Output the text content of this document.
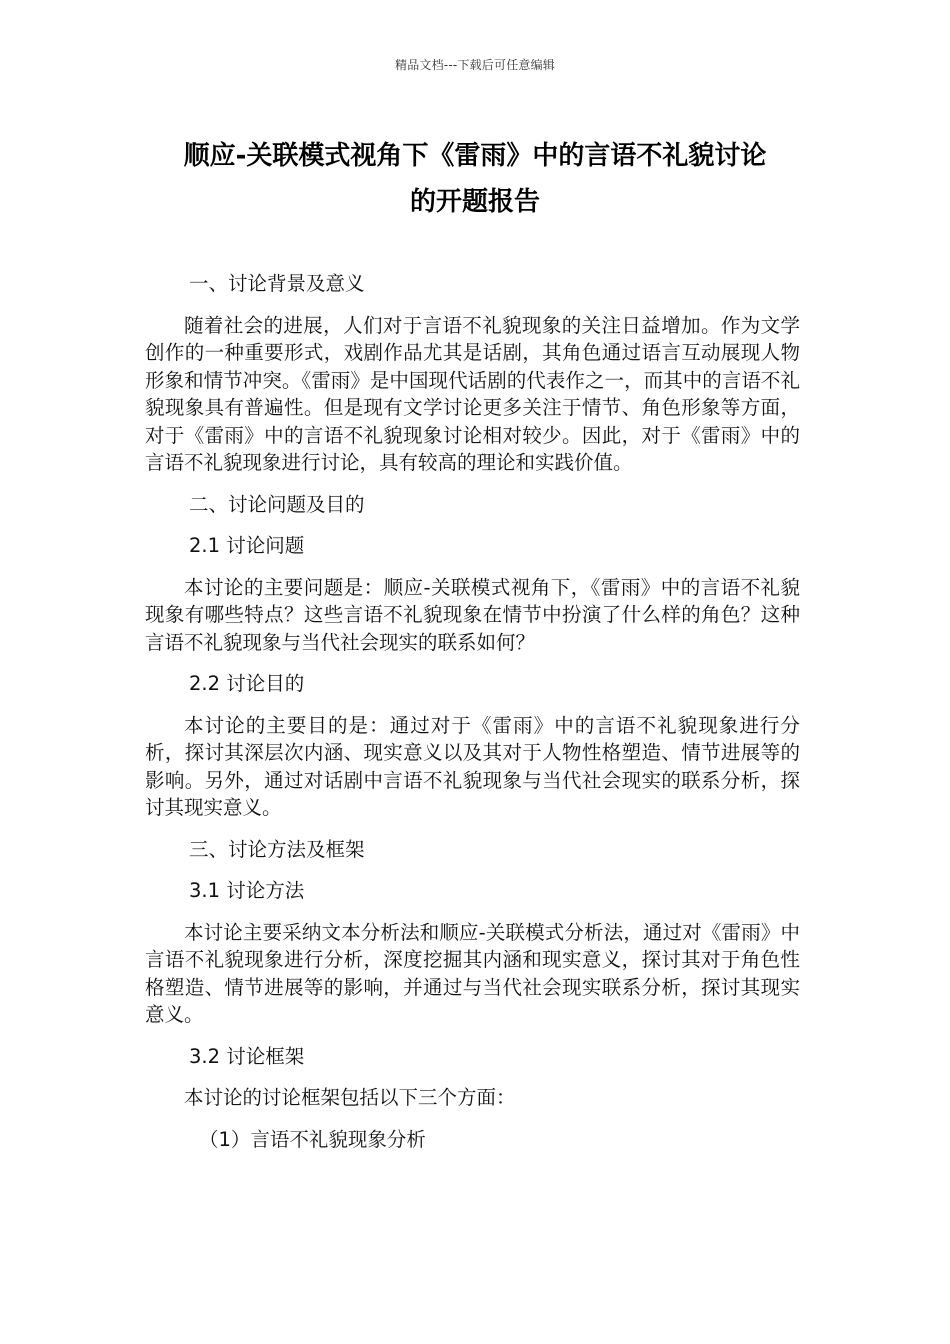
精品文档---下载后可任意编辑
顺应-关联模式视角下《雷雨》中的言语不礼貌讨论
的开题报告
一、讨论背景及意义

随着社会的进展，人们对于言语不礼貌现象的关注日益增加。作为文学创作的一种重要形式，戏剧作品尤其是话剧，其角色通过语言互动展现人物形象和情节冲突。《雷雨》是中国现代话剧的代表作之一，而其中的言语不礼貌现象具有普遍性。但是现有文学讨论更多关注于情节、角色形象等方面，对于《雷雨》中的言语不礼貌现象讨论相对较少。因此，对于《雷雨》中的言语不礼貌现象进行讨论，具有较高的理论和实践价值。

二、讨论问题及目的
2.1 讨论问题

本讨论的主要问题是：顺应-关联模式视角下，《雷雨》中的言语不礼貌现象有哪些特点？这些言语不礼貌现象在情节中扮演了什么样的角色？这种言语不礼貌现象与当代社会现实的联系如何？

2.2 讨论目的

本讨论的主要目的是：通过对于《雷雨》中的言语不礼貌现象进行分析，探讨其深层次内涵、现实意义以及其对于人物性格塑造、情节进展等的影响。另外，通过对话剧中言语不礼貌现象与当代社会现实的联系分析，探讨其现实意义。

三、讨论方法及框架
3.1 讨论方法

本讨论主要采纳文本分析法和顺应-关联模式分析法，通过对《雷雨》中言语不礼貌现象进行分析，深度挖掘其内涵和现实意义，探讨其对于角色性格塑造、情节进展等的影响，并通过与当代社会现实联系分析，探讨其现实意义。

3.2 讨论框架

本讨论的讨论框架包括以下三个方面：

（1）言语不礼貌现象分析
